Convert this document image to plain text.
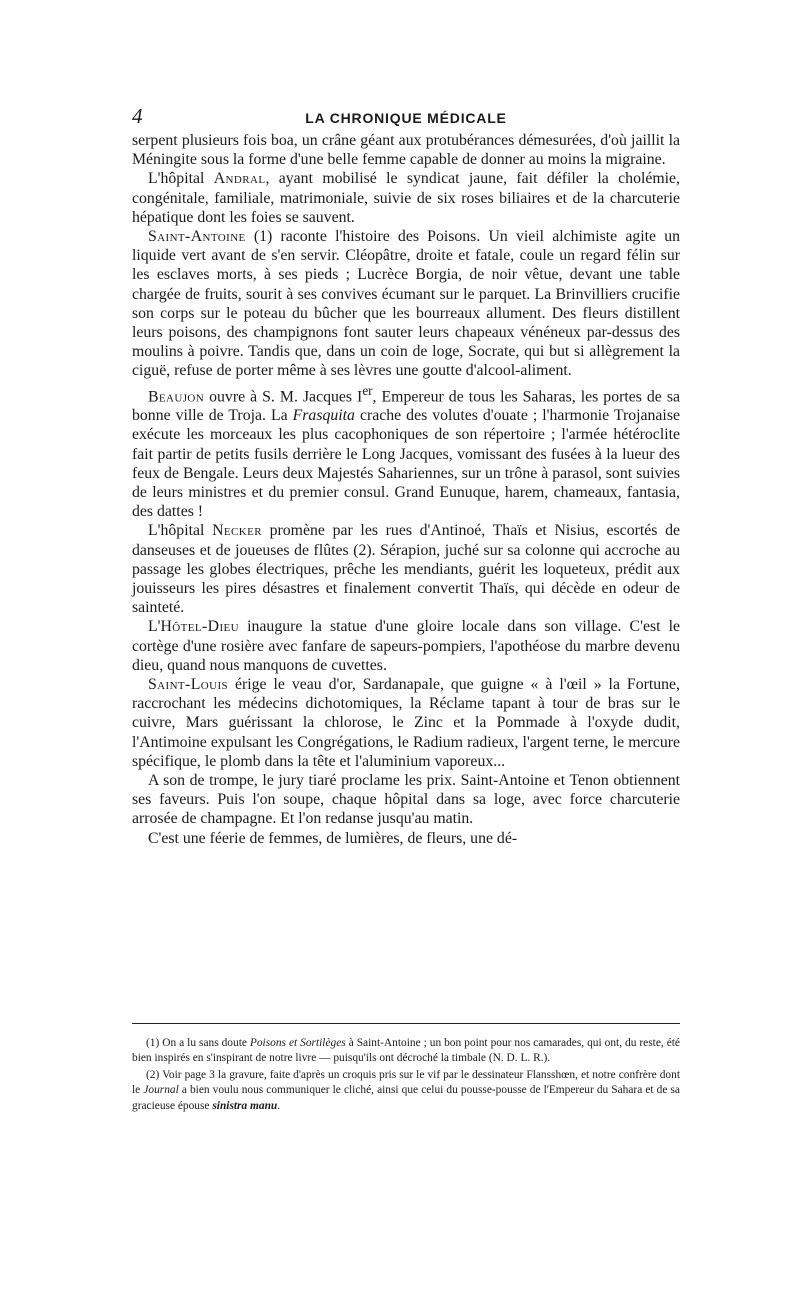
4	LA CHRONIQUE MÉDICALE

serpent plusieurs fois boa, un crâne géant aux protubérances démesurées, d'où jaillit la Méningite sous la forme d'une belle femme capable de donner au moins la migraine.

L'hôpital Andral, ayant mobilisé le syndicat jaune, fait défiler la cholémie, congénitale, familiale, matrimoniale, suivie de six roses biliaires et de la charcuterie hépatique dont les foies se sauvent.

Saint-Antoine (1) raconte l'histoire des Poisons. Un vieil alchimiste agite un liquide vert avant de s'en servir. Cléopâtre, droite et fatale, coule un regard félin sur les esclaves morts, à ses pieds ; Lucrèce Borgia, de noir vêtue, devant une table chargée de fruits, sourit à ses convives écumant sur le parquet. La Brinvilliers crucifie son corps sur le poteau du bûcher que les bourreaux allument. Des fleurs distillent leurs poisons, des champignons font sauter leurs chapeaux vénéneux par-dessus des moulins à poivre. Tandis que, dans un coin de loge, Socrate, qui but si allègrement la ciguë, refuse de porter même à ses lèvres une goutte d'alcool-aliment.

Beaujon ouvre à S. M. Jacques Ier, Empereur de tous les Saharas, les portes de sa bonne ville de Troja. La Frasquita crache des volutes d'ouate ; l'harmonie Trojanaise exécute les morceaux les plus cacophoniques de son répertoire ; l'armée hétéroclite fait partir de petits fusils derrière le Long Jacques, vomissant des fusées à la lueur des feux de Bengale. Leurs deux Majestés Sahariennes, sur un trône à parasol, sont suivies de leurs ministres et du premier consul. Grand Eunuque, harem, chameaux, fantasia, des dattes !

L'hôpital Necker promène par les rues d'Antinoé, Thaïs et Nisius, escortés de danseuses et de joueuses de flûtes (2). Sérapion, juché sur sa colonne qui accroche au passage les globes électriques, prêche les mendiants, guérit les loqueteux, prédit aux jouisseurs les pires désastres et finalement convertit Thaïs, qui décède en odeur de sainteté.

L'Hôtel-Dieu inaugure la statue d'une gloire locale dans son village. C'est le cortège d'une rosière avec fanfare de sapeurs-pompiers, l'apothéose du marbre devenu dieu, quand nous manquons de cuvettes.

Saint-Louis érige le veau d'or, Sardanapale, que guigne « à l'œil » la Fortune, raccrochant les médecins dichotomiques, la Réclame tapant à tour de bras sur le cuivre, Mars guérissant la chlorose, le Zinc et la Pommade à l'oxyde dudit, l'Antimoine expulsant les Congrégations, le Radium radieux, l'argent terne, le mercure spécifique, le plomb dans la tête et l'aluminium vaporeux...

A son de trompe, le jury tiaré proclame les prix. Saint-Antoine et Tenon obtiennent ses faveurs. Puis l'on soupe, chaque hôpital dans sa loge, avec force charcuterie arrosée de champagne. Et l'on redanse jusqu'au matin.

C'est une féerie de femmes, de lumières, de fleurs, une dé-

(1) On a lu sans doute Poisons et Sortilèges à Saint-Antoine ; un bon point pour nos camarades, qui ont, du reste, été bien inspirés en s'inspirant de notre livre — puisqu'ils ont décroché la timbale (N. D. L. R.).

(2) Voir page 3 la gravure, faite d'après un croquis pris sur le vif par le dessinateur Flansshœn, et notre confrère dont le Journal a bien voulu nous communiquer le cliché, ainsi que celui du pousse-pousse de l'Empereur du Sahara et de sa gracieuse épouse sinistra manu.
